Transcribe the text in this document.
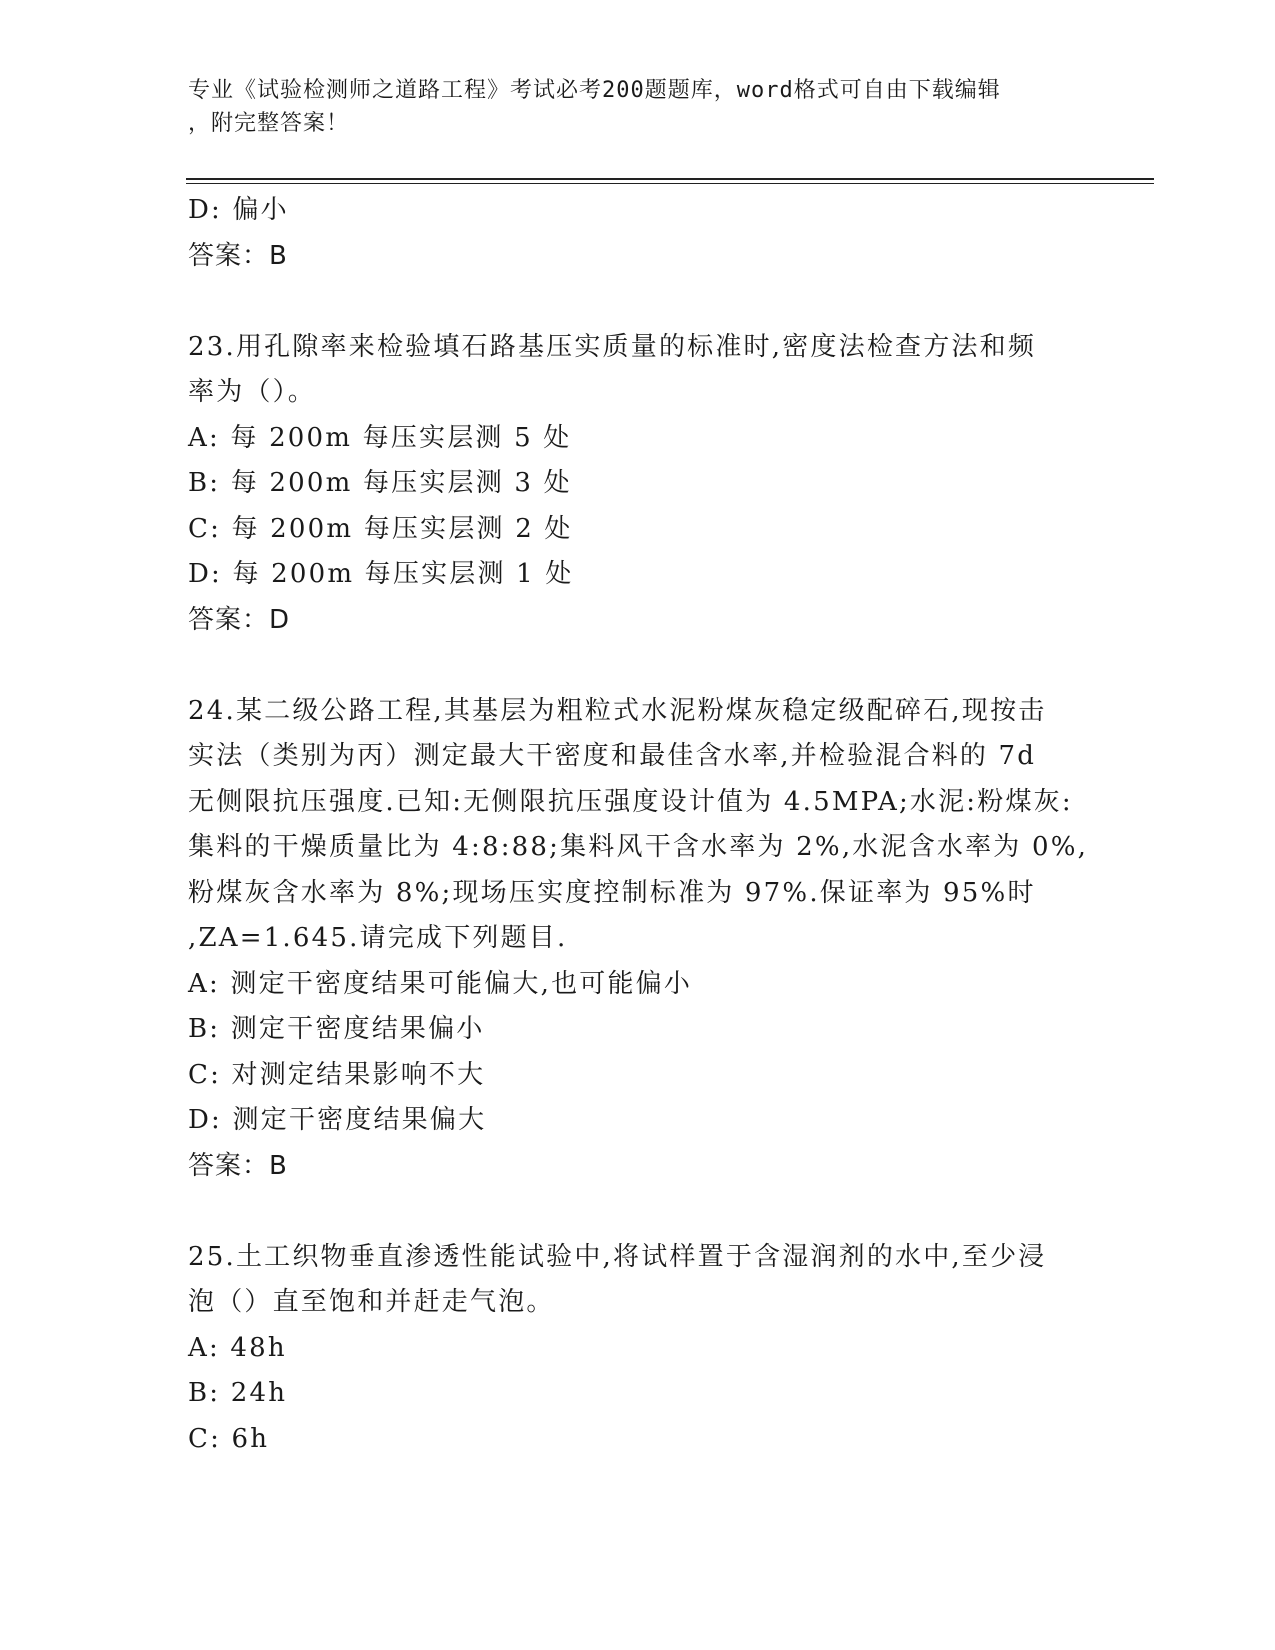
专业《试验检测师之道路工程》考试必考200题题库，word格式可自由下载编辑
，附完整答案！
D: 偏小
答案：B
23.用孔隙率来检验填石路基压实质量的标准时,密度法检查方法和频
率为（）。
A: 每 200m 每压实层测 5 处
B: 每 200m 每压实层测 3 处
C: 每 200m 每压实层测 2 处
D: 每 200m 每压实层测 1 处
答案：D
24.某二级公路工程,其基层为粗粒式水泥粉煤灰稳定级配碎石,现按击
实法（类别为丙）测定最大干密度和最佳含水率,并检验混合料的 7d
无侧限抗压强度.已知:无侧限抗压强度设计值为 4.5MPA;水泥:粉煤灰:
集料的干燥质量比为 4:8:88;集料风干含水率为 2%,水泥含水率为 0%,
粉煤灰含水率为 8%;现场压实度控制标准为 97%.保证率为 95%时
,ZA=1.645.请完成下列题目.
A: 测定干密度结果可能偏大,也可能偏小
B: 测定干密度结果偏小
C: 对测定结果影响不大
D: 测定干密度结果偏大
答案：B
25.土工织物垂直渗透性能试验中,将试样置于含湿润剂的水中,至少浸
泡（）直至饱和并赶走气泡。
A: 48h
B: 24h
C: 6h
